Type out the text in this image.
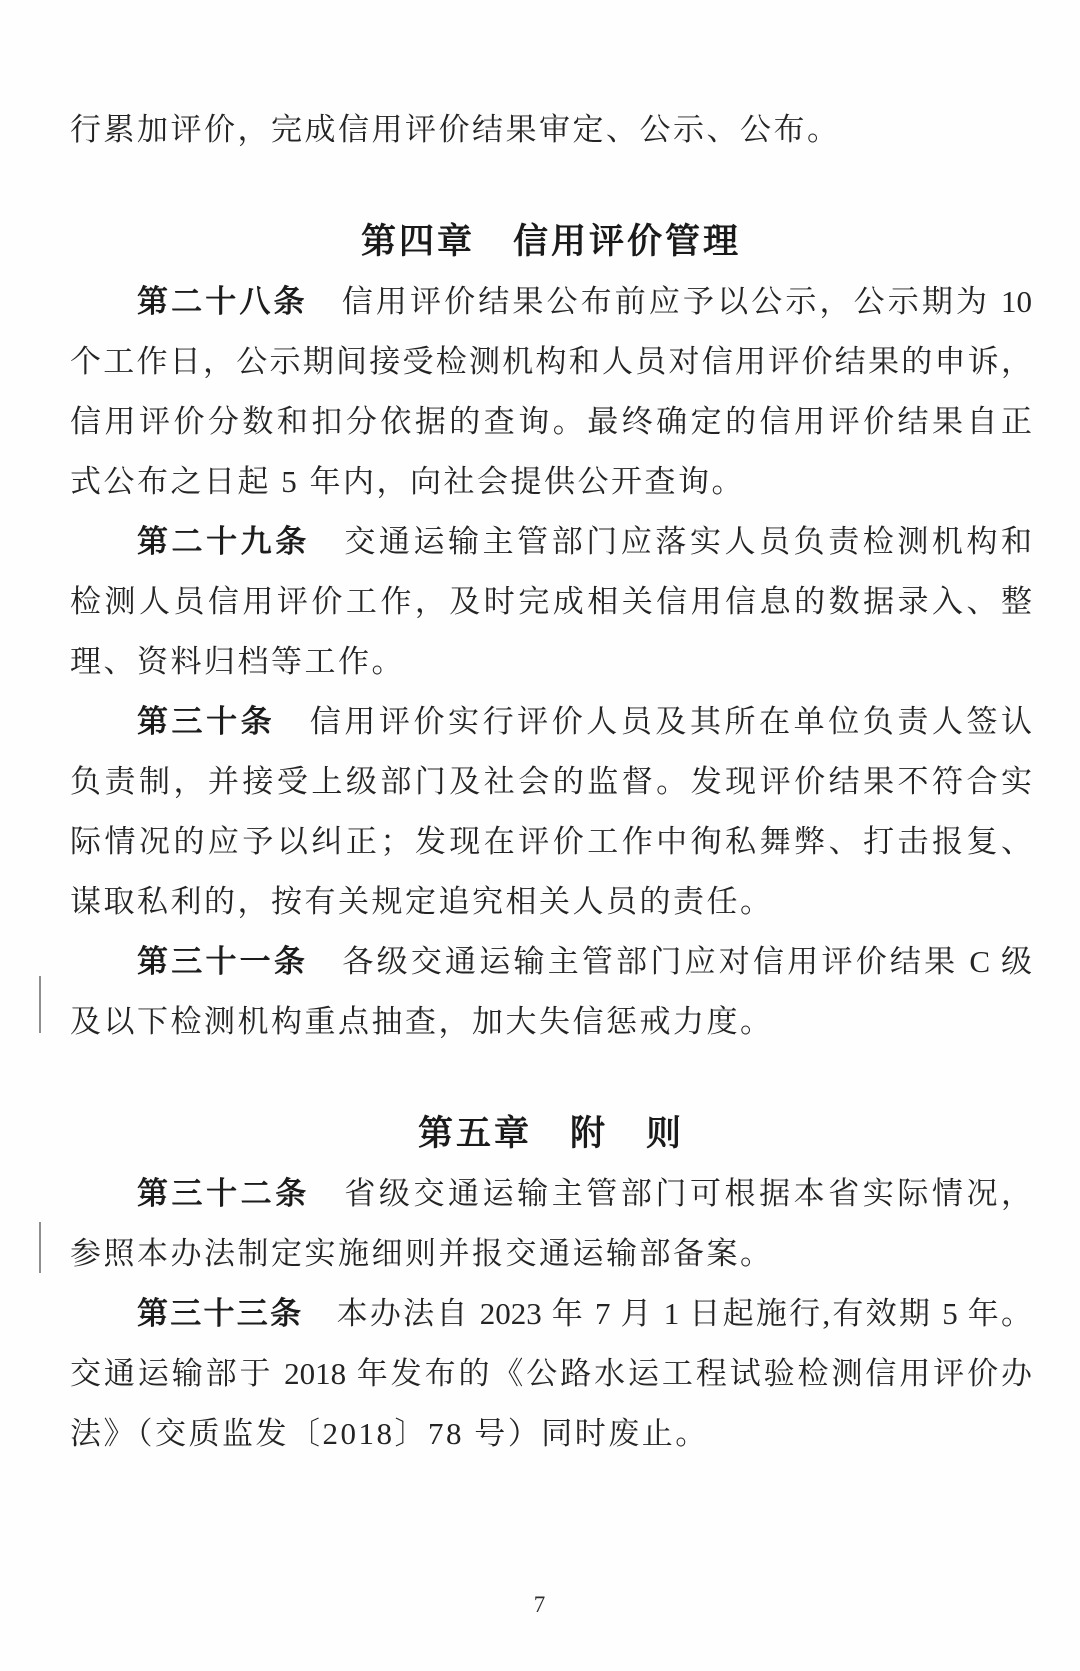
行累加评价，完成信用评价结果审定、公示、公布。
第四章　信用评价管理
第二十八条　信用评价结果公布前应予以公示，公示期为 10
个工作日，公示期间接受检测机构和人员对信用评价结果的申诉，
信用评价分数和扣分依据的查询。最终确定的信用评价结果自正
式公布之日起 5 年内，向社会提供公开查询。
第二十九条　交通运输主管部门应落实人员负责检测机构和
检测人员信用评价工作，及时完成相关信用信息的数据录入、整
理、资料归档等工作。
第三十条　信用评价实行评价人员及其所在单位负责人签认
负责制，并接受上级部门及社会的监督。发现评价结果不符合实
际情况的应予以纠正；发现在评价工作中徇私舞弊、打击报复、
谋取私利的，按有关规定追究相关人员的责任。
第三十一条　各级交通运输主管部门应对信用评价结果 C 级
及以下检测机构重点抽查，加大失信惩戒力度。
第五章　附　则
第三十二条　省级交通运输主管部门可根据本省实际情况，
参照本办法制定实施细则并报交通运输部备案。
第三十三条　本办法自 2023 年 7 月 1 日起施行,有效期 5 年。
交通运输部于 2018 年发布的《公路水运工程试验检测信用评价办
法》（交质监发〔2018〕78 号）同时废止。
7
